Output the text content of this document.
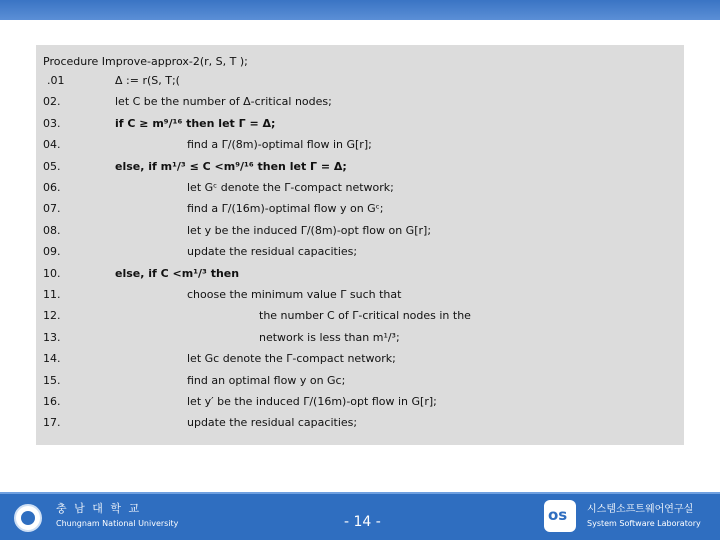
Procedure Improve-approx-2(r, S, T );
.01	Δ := r(S, T;(
02.	let C be the number of Δ-critical nodes;
03.	if C ≥ m⁹/¹⁶ then let Γ = Δ;
04.	find a Γ/(8m)-optimal flow in G[r];
05.	else, if m¹/³ ≤ C <m⁹/¹⁶ then let Γ = Δ;
06.	let Gᶜ denote the Γ-compact network;
07.	find a Γ/(16m)-optimal flow y on Gᶜ;
08.	let y be the induced Γ/(8m)-opt flow on G[r];
09.	update the residual capacities;
10.	else, if C <m¹/³ then
11.	choose the minimum value Γ such that
12.	the number C of Γ-critical nodes in the
13.	network is less than m¹/³;
14.	let Gc denote the Γ-compact network;
15.	find an optimal flow y on Gc;
16.	let y′ be the induced Γ/(16m)-opt flow in G[r];
17.	update the residual capacities;
충 남 대 학 교
Chungnam National University	- 14 -	os 시스템소프트웨어연구실
System Software Laboratory
